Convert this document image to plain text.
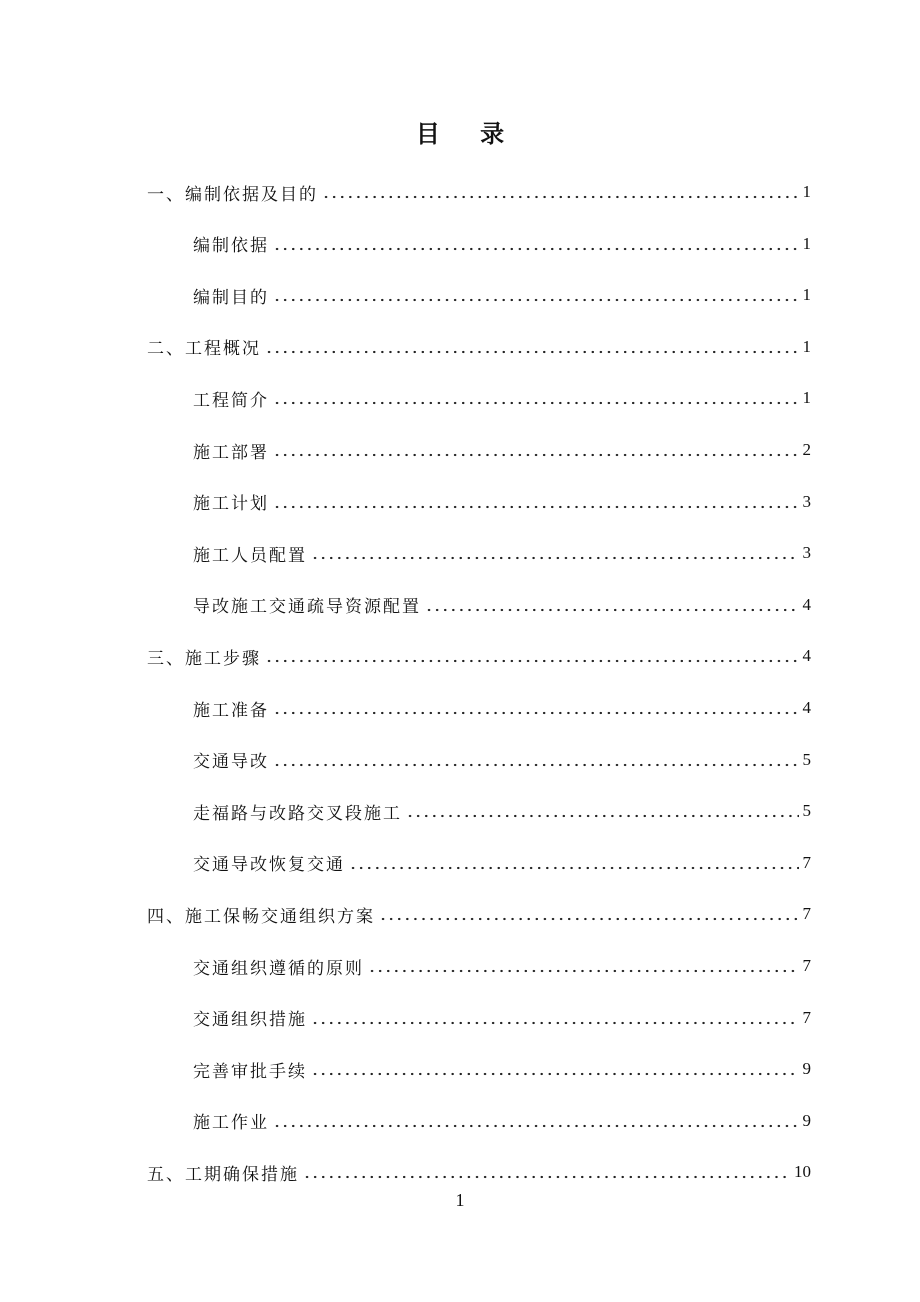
目 录
一、编制依据及目的	1
编制依据	1
编制目的	1
二、工程概况	1
工程简介	1
施工部署	2
施工计划	3
施工人员配置	3
导改施工交通疏导资源配置	4
三、施工步骤	4
施工准备	4
交通导改	5
走福路与改路交叉段施工	5
交通导改恢复交通	7
四、施工保畅交通组织方案	7
交通组织遵循的原则	7
交通组织措施	7
完善审批手续	9
施工作业	9
五、工期确保措施	10
1
